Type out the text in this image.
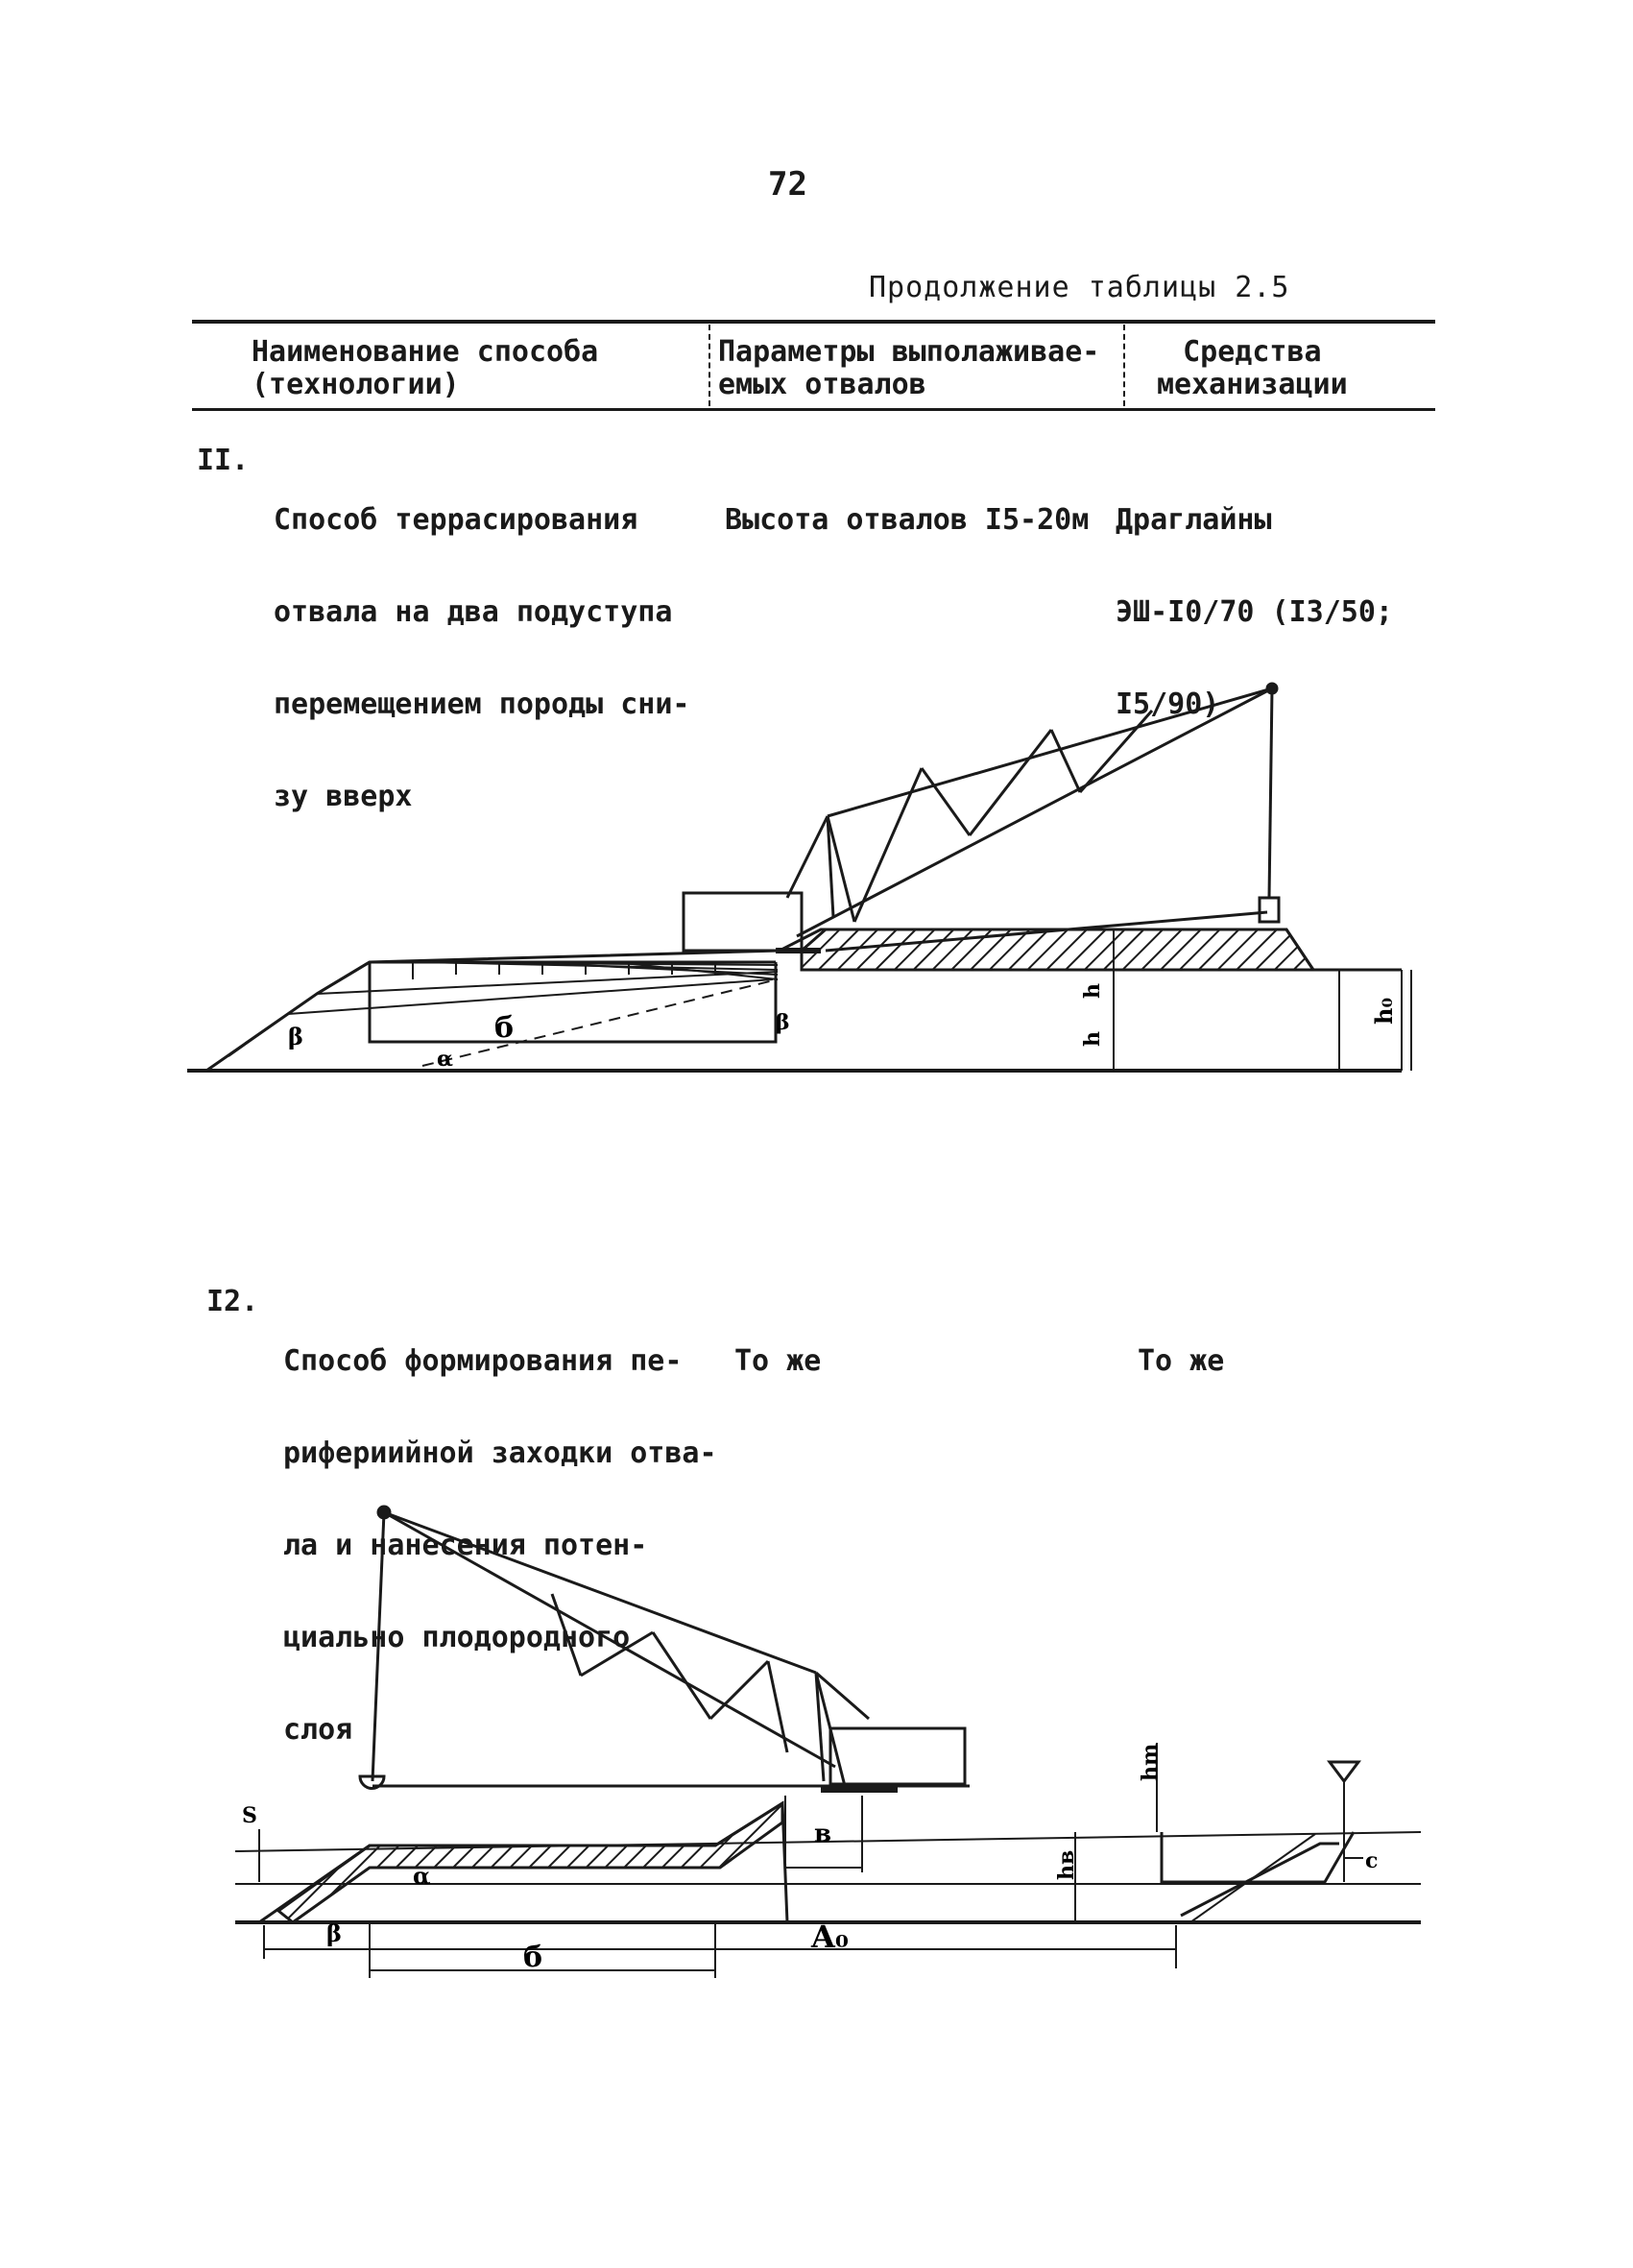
72
Продолжение таблицы 2.5
Наименование способа
(технологии)
Параметры выполаживае-
емых отвалов
Средства
механизации
II.

Способ террасирования

отвала на два подуступа

перемещением породы сни-

зу вверх

Высота отвалов I5-20м

Драглайны

ЭШ-I0/70 (I3/50;

I5/90)

I2.

Способ формирования пе-

рифериийной заходки отва-

ла и нанесения потен-

циально плодородного

слоя

То же

	То же

h
h
б
β
α
β	h₀
hm
hв
в
б
A₀
β
α
c
S
